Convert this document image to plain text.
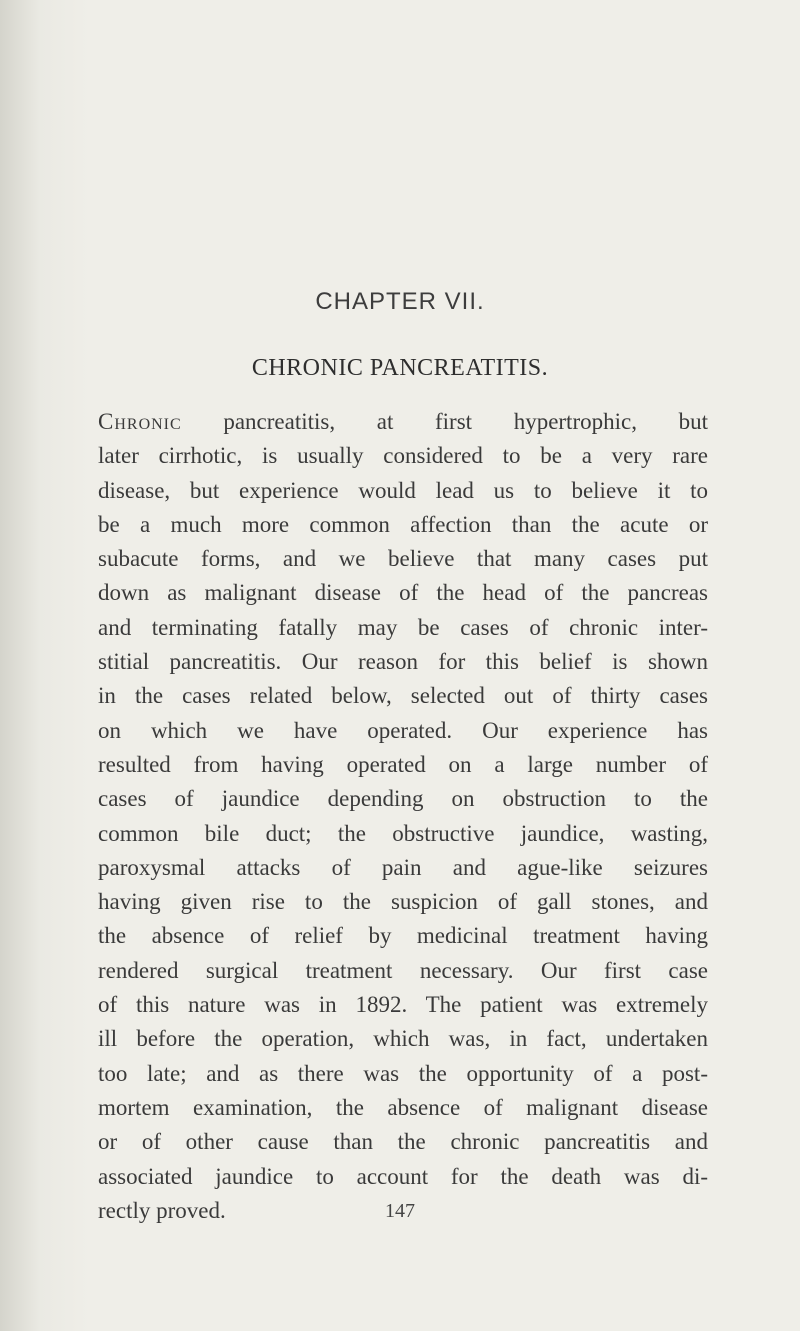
CHAPTER VII.
CHRONIC PANCREATITIS.
Chronic pancreatitis, at first hypertrophic, but
later cirrhotic, is usually considered to be a very rare
disease, but experience would lead us to believe it to
be a much more common affection than the acute or
subacute forms, and we believe that many cases put
down as malignant disease of the head of the pancreas
and terminating fatally may be cases of chronic inter-
stitial pancreatitis. Our reason for this belief is shown
in the cases related below, selected out of thirty cases
on which we have operated. Our experience has
resulted from having operated on a large number of
cases of jaundice depending on obstruction to the
common bile duct; the obstructive jaundice, wasting,
paroxysmal attacks of pain and ague-like seizures
having given rise to the suspicion of gall stones, and
the absence of relief by medicinal treatment having
rendered surgical treatment necessary. Our first case
of this nature was in 1892. The patient was extremely
ill before the operation, which was, in fact, undertaken
too late; and as there was the opportunity of a post-
mortem examination, the absence of malignant disease
or of other cause than the chronic pancreatitis and
associated jaundice to account for the death was di-
rectly proved.	147
